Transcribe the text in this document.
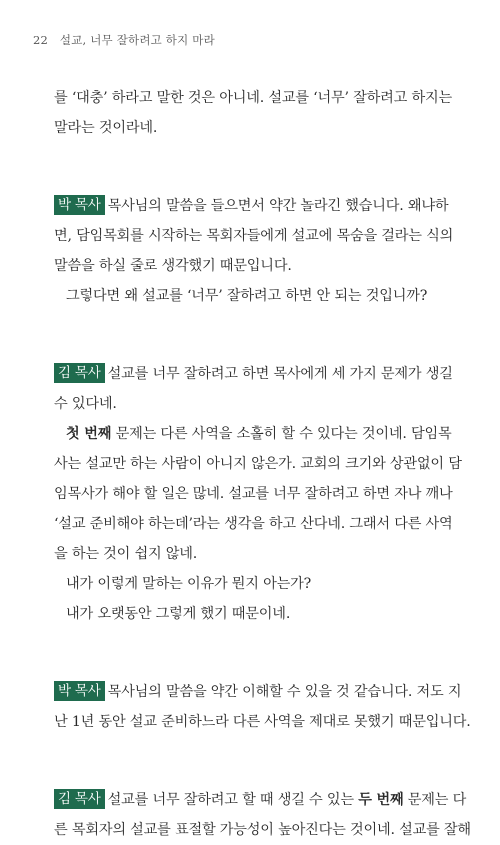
22 설교, 너무 잘하려고 하지 마라
를 ‘대충’ 하라고 말한 것은 아니네. 설교를 ‘너무’ 잘하려고 하지는
말라는 것이라네.
박 목사 목사님의 말씀을 들으면서 약간 놀라긴 했습니다. 왜냐하
면, 담임목회를 시작하는 목회자들에게 설교에 목숨을 걸라는 식의
말씀을 하실 줄로 생각했기 때문입니다.
그렇다면 왜 설교를 ‘너무’ 잘하려고 하면 안 되는 것입니까?
김 목사 설교를 너무 잘하려고 하면 목사에게 세 가지 문제가 생길
수 있다네.
첫 번째 문제는 다른 사역을 소홀히 할 수 있다는 것이네. 담임목
사는 설교만 하는 사람이 아니지 않은가. 교회의 크기와 상관없이 담
임목사가 해야 할 일은 많네. 설교를 너무 잘하려고 하면 자나 깨나
‘설교 준비해야 하는데’라는 생각을 하고 산다네. 그래서 다른 사역
을 하는 것이 쉽지 않네.
내가 이렇게 말하는 이유가 뭔지 아는가?
내가 오랫동안 그렇게 했기 때문이네.
박 목사 목사님의 말씀을 약간 이해할 수 있을 것 같습니다. 저도 지
난 1년 동안 설교 준비하느라 다른 사역을 제대로 못했기 때문입니다.
김 목사 설교를 너무 잘하려고 할 때 생길 수 있는 두 번째 문제는 다
른 목회자의 설교를 표절할 가능성이 높아진다는 것이네. 설교를 잘해
